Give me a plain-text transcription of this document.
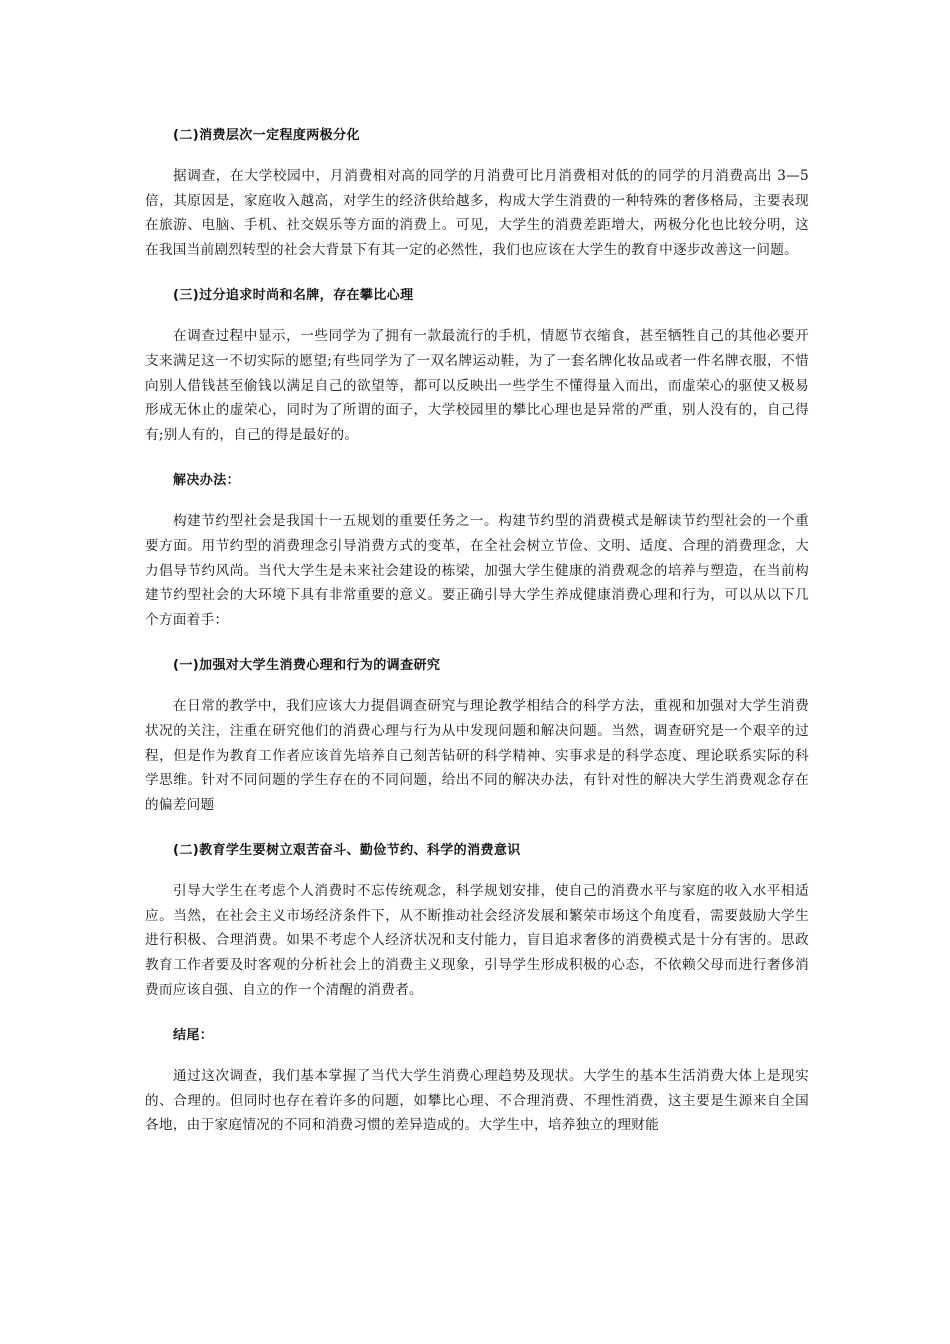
(二)消费层次一定程度两极分化

据调查，在大学校园中，月消费相对高的同学的月消费可比月消费相对低的的同学的月消费高出 3—5 倍，其原因是，家庭收入越高，对学生的经济供给越多，构成大学生消费的一种特殊的奢侈格局，主要表现在旅游、电脑、手机、社交娱乐等方面的消费上。可见，大学生的消费差距增大，两极分化也比较分明，这在我国当前剧烈转型的社会大背景下有其一定的必然性，我们也应该在大学生的教育中逐步改善这一问题。

(三)过分追求时尚和名牌，存在攀比心理

在调查过程中显示，一些同学为了拥有一款最流行的手机，情愿节衣缩食，甚至牺牲自己的其他必要开支来满足这一不切实际的愿望;有些同学为了一双名牌运动鞋，为了一套名牌化妆品或者一件名牌衣服，不惜向别人借钱甚至偷钱以满足自己的欲望等，都可以反映出一些学生不懂得量入而出，而虚荣心的驱使又极易形成无休止的虚荣心，同时为了所谓的面子，大学校园里的攀比心理也是异常的严重，别人没有的，自己得有;别人有的，自己的得是最好的。

解决办法：

构建节约型社会是我国十一五规划的重要任务之一。构建节约型的消费模式是解读节约型社会的一个重要方面。用节约型的消费理念引导消费方式的变革，在全社会树立节俭、文明、适度、合理的消费理念，大力倡导节约风尚。当代大学生是未来社会建设的栋梁，加强大学生健康的消费观念的培养与塑造，在当前构建节约型社会的大环境下具有非常重要的意义。要正确引导大学生养成健康消费心理和行为，可以从以下几个方面着手：

(一)加强对大学生消费心理和行为的调查研究

在日常的教学中，我们应该大力提倡调查研究与理论教学相结合的科学方法，重视和加强对大学生消费状况的关注，注重在研究他们的消费心理与行为从中发现问题和解决问题。当然，调查研究是一个艰辛的过程，但是作为教育工作者应该首先培养自己刻苦钻研的科学精神、实事求是的科学态度、理论联系实际的科学思维。针对不同问题的学生存在的不同问题，给出不同的解决办法，有针对性的解决大学生消费观念存在的偏差问题

(二)教育学生要树立艰苦奋斗、勤俭节约、科学的消费意识

引导大学生在考虑个人消费时不忘传统观念，科学规划安排，使自己的消费水平与家庭的收入水平相适应。当然，在社会主义市场经济条件下，从不断推动社会经济发展和繁荣市场这个角度看，需要鼓励大学生进行积极、合理消费。如果不考虑个人经济状况和支付能力，盲目追求奢侈的消费模式是十分有害的。思政教育工作者要及时客观的分析社会上的消费主义现象，引导学生形成积极的心态，不依赖父母而进行奢侈消费而应该自强、自立的作一个清醒的消费者。

结尾：

通过这次调查，我们基本掌握了当代大学生消费心理趋势及现状。大学生的基本生活消费大体上是现实的、合理的。但同时也存在着许多的问题，如攀比心理、不合理消费、不理性消费，这主要是生源来自全国各地，由于家庭情况的不同和消费习惯的差异造成的。大学生中，培养独立的理财能
